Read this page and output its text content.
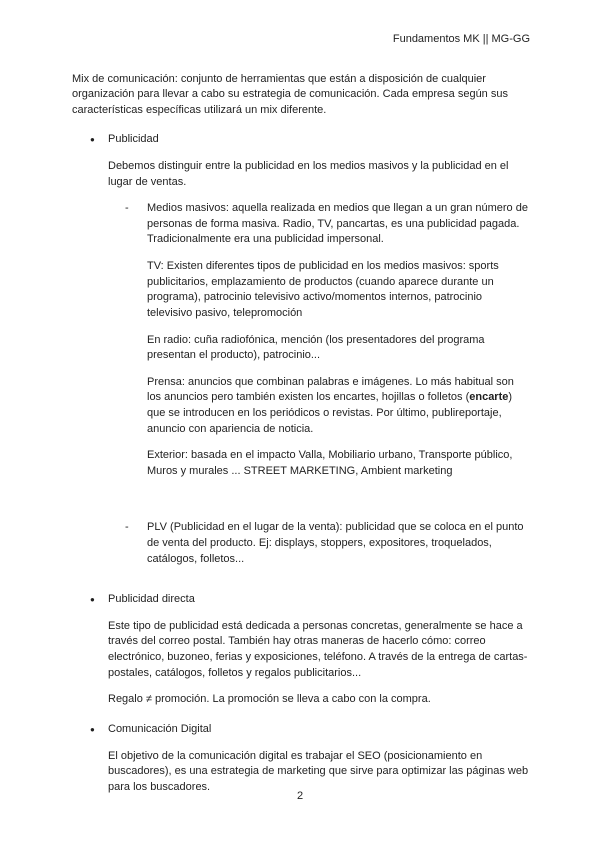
Fundamentos MK || MG-GG

Mix de comunicación: conjunto de herramientas que están a disposición de cualquier organización para llevar a cabo su estrategia de comunicación. Cada empresa según sus características específicas utilizará un mix diferente.

●	Publicidad

Debemos distinguir entre la publicidad en los medios masivos y la publicidad en el lugar de ventas.

-	Medios masivos: aquella realizada en medios que llegan a un gran número de personas de forma masiva. Radio, TV, pancartas, es una publicidad pagada. Tradicionalmente era una publicidad impersonal.

TV: Existen diferentes tipos de publicidad en los medios masivos: sports publicitarios, emplazamiento de productos (cuando aparece durante un programa), patrocinio televisivo activo/momentos internos, patrocinio televisivo pasivo, telepromoción

En radio: cuña radiofónica, mención (los presentadores del programa presentan el producto), patrocinio...

Prensa: anuncios que combinan palabras e imágenes. Lo más habitual son los anuncios pero también existen los encartes, hojillas o folletos (encarte) que se introducen en los periódicos o revistas. Por último, publireportaje, anuncio con apariencia de noticia.

Exterior: basada en el impacto Valla, Mobiliario urbano, Transporte público, Muros y murales ... STREET MARKETING, Ambient marketing

-	PLV (Publicidad en el lugar de la venta): publicidad que se coloca en el punto de venta del producto. Ej: displays, stoppers, expositores, troquelados, catálogos, folletos...

●	Publicidad directa

Este tipo de publicidad está dedicada a personas concretas, generalmente se hace a través del correo postal. También hay otras maneras de hacerlo cómo: correo electrónico, buzoneo, ferias y exposiciones, teléfono. A través de la entrega de cartas-postales, catálogos, folletos y regalos publicitarios...

Regalo ≠ promoción. La promoción se lleva a cabo con la compra.

●	Comunicación Digital

El objetivo de la comunicación digital es trabajar el SEO (posicionamiento en buscadores), es una estrategia de marketing que sirve para optimizar las páginas web para los buscadores.

2
